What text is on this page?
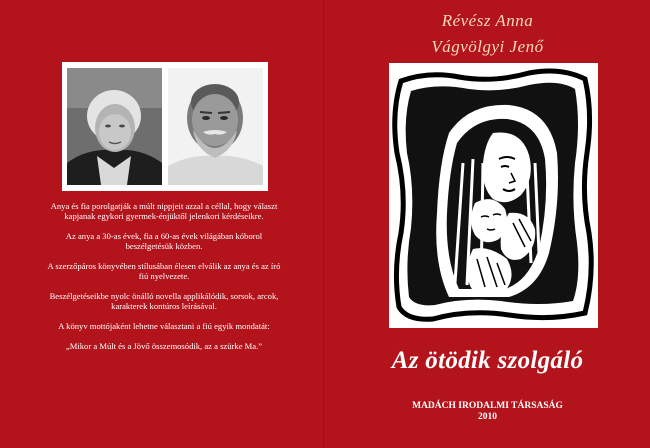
Anya és fia porolgatják a múlt nippjeit azzal a céllal, hogy választ kapjanak egykori gyermek-énjüktől jelenkori kérdéseikre.

Az anya a 30-as évek, fia a 60-as évek világában kóborol beszélgetésük közben.

A szerzőpáros könyvében stílusában élesen elválik az anya és az író fiú nyelvezete.

Beszélgetéseikbe nyolc önálló novella applikálódik, sorsok, arcok, karakterek kontúros leírásával.

A könyv mottójaként lehetne választani a fiú egyik mondatát:

„Mikor a Múlt és a Jövő összemosódik, az a szürke Ma.”

Révész Anna
Vágvölgyi Jenő
Az ötödik szolgáló
MADÁCH IRODALMI TÁRSASÁG
2010
